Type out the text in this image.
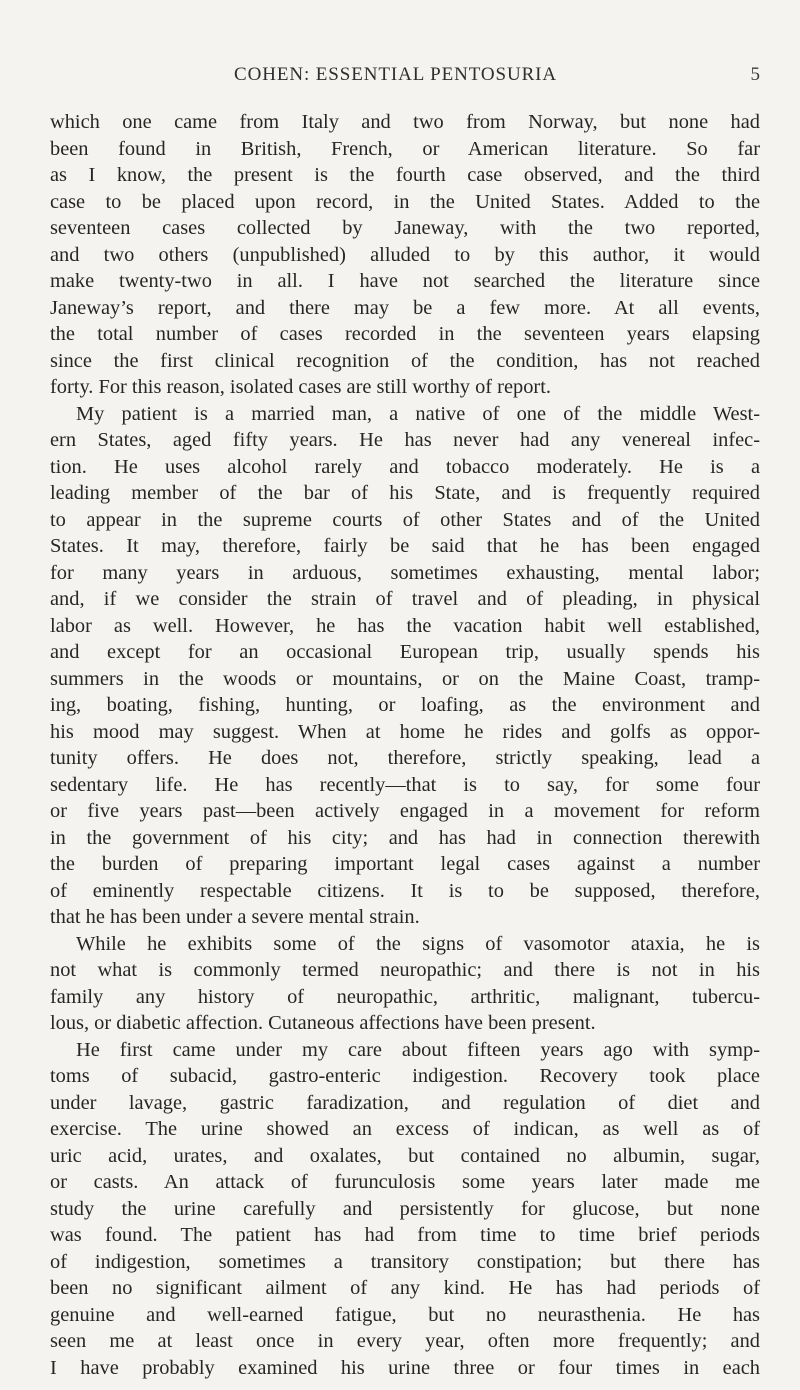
COHEN: ESSENTIAL PENTOSURIA	5
which one came from Italy and two from Norway, but none had
been found in British, French, or American literature. So far
as I know, the present is the fourth case observed, and the third
case to be placed upon record, in the United States. Added to the
seventeen cases collected by Janeway, with the two reported,
and two others (unpublished) alluded to by this author, it would
make twenty-two in all. I have not searched the literature since
Janeway’s report, and there may be a few more. At all events,
the total number of cases recorded in the seventeen years elapsing
since the first clinical recognition of the condition, has not reached
forty. For this reason, isolated cases are still worthy of report.
My patient is a married man, a native of one of the middle West-
ern States, aged fifty years. He has never had any venereal infec-
tion. He uses alcohol rarely and tobacco moderately. He is a
leading member of the bar of his State, and is frequently required
to appear in the supreme courts of other States and of the United
States. It may, therefore, fairly be said that he has been engaged
for many years in arduous, sometimes exhausting, mental labor;
and, if we consider the strain of travel and of pleading, in physical
labor as well. However, he has the vacation habit well established,
and except for an occasional European trip, usually spends his
summers in the woods or mountains, or on the Maine Coast, tramp-
ing, boating, fishing, hunting, or loafing, as the environment and
his mood may suggest. When at home he rides and golfs as oppor-
tunity offers. He does not, therefore, strictly speaking, lead a
sedentary life. He has recently—that is to say, for some four
or five years past—been actively engaged in a movement for reform
in the government of his city; and has had in connection therewith
the burden of preparing important legal cases against a number
of eminently respectable citizens. It is to be supposed, therefore,
that he has been under a severe mental strain.
While he exhibits some of the signs of vasomotor ataxia, he is
not what is commonly termed neuropathic; and there is not in his
family any history of neuropathic, arthritic, malignant, tubercu-
lous, or diabetic affection. Cutaneous affections have been present.
He first came under my care about fifteen years ago with symp-
toms of subacid, gastro-enteric indigestion. Recovery took place
under lavage, gastric faradization, and regulation of diet and
exercise. The urine showed an excess of indican, as well as of
uric acid, urates, and oxalates, but contained no albumin, sugar,
or casts. An attack of furunculosis some years later made me
study the urine carefully and persistently for glucose, but none
was found. The patient has had from time to time brief periods
of indigestion, sometimes a transitory constipation; but there has
been no significant ailment of any kind. He has had periods of
genuine and well-earned fatigue, but no neurasthenia. He has
seen me at least once in every year, often more frequently; and
I have probably examined his urine three or four times in each
